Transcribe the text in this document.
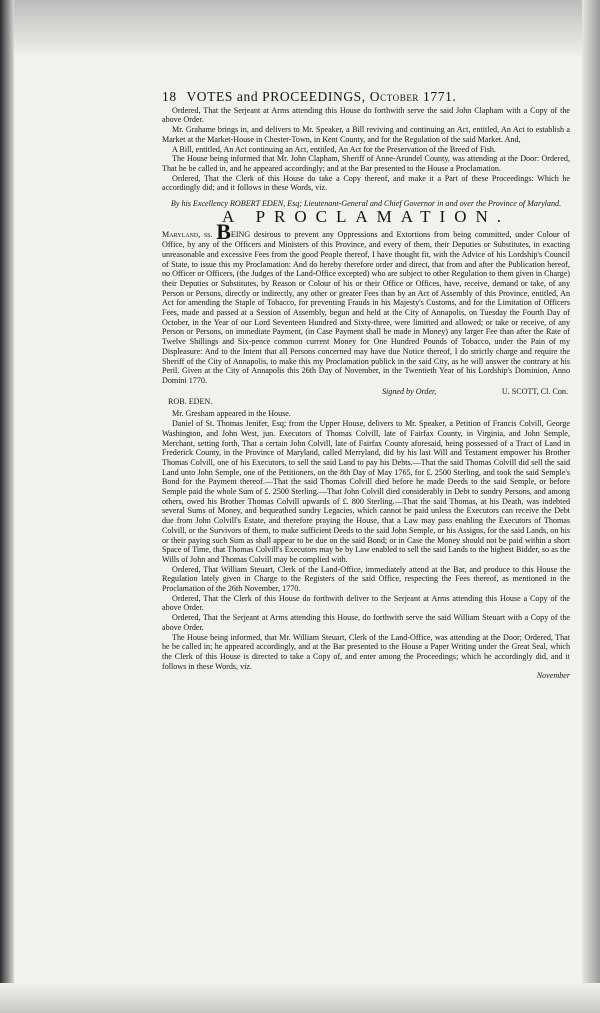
18 VOTES and PROCEEDINGS, October 1771.

Ordered, That the Serjeant at Arms attending this House do forthwith serve the said John Clapham with a Copy of the above Order.

Mr. Grahame brings in, and delivers to Mr. Speaker, a Bill reviving and continuing an Act, entitled, An Act to establish a Market at the Market-House in Chester-Town, in Kent County, and for the Regulation of the said Market. And,

A Bill, entitled, An Act continuing an Act, entitled, An Act for the Preservation of the Breed of Fish.

The House being informed that Mr. John Clapham, Sheriff of Anne-Arundel County, was attending at the Door: Ordered, That he be called in, and he appeared accordingly; and at the Bar presented to the House a Proclamation.

Ordered, That the Clerk of this House do take a Copy thereof, and make it a Part of these Proceedings: Which he accordingly did; and it follows in these Words, viz.

By his Excellency ROBERT EDEN, Esq; Lieutenant-General and Chief Governor in and over the Province of Maryland.
A PROCLAMATION.

Maryland, ss. BEING desirous to prevent any Oppressions and Extortions from being committed, under Colour of Office, by any of the Officers and Ministers of this Province, and every of them, their Deputies or Substitutes, in exacting unreasonable and excessive Fees from the good People thereof, I have thought fit, with the Advice of his Lordship's Council of State, to issue this my Proclamation: And do hereby therefore order and direct, that from and after the Publication hereof, no Officer or Officers, (the Judges of the Land-Office excepted) who are subject to other Regulation to them given in Charge) their Deputies or Substitutes, by Reason or Colour of his or their Office or Offices, have, receive, demand or take, of any Person or Persons, directly or indirectly, any other or greater Fees than by an Act of Assembly of this Province, entitled, An Act for amending the Staple of Tobacco, for preventing Frauds in his Majesty's Customs, and for the Limitation of Officers Fees, made and passed at a Session of Assembly, begun and held at the City of Annapolis, on Tuesday the Fourth Day of October, in the Year of our Lord Seventeen Hundred and Sixty-three, were limitted and allowed; or take or receive, of any Person or Persons, on immediate Payment, (in Case Payment shall be made in Money) any larger Fee than after the Rate of Twelve Shillings and Six-pence common current Money for One Hundred Pounds of Tobacco, under the Pain of my Displeasure: And to the Intent that all Persons concerned may have due Notice thereof, I do strictly charge and require the Sheriff of the City of Annapolis, to make this my Proclamation publick in the said City, as he will answer the contrary at his Peril. Given at the City of Annapolis this 26th Day of November, in the Twentieth Year of his Lordship's Dominion, Anno Domini 1770.

Signed by Order,	U. SCOTT, Cl. Con.
ROB. EDEN.

Mr. Gresham appeared in the House.

Daniel of St. Thomas Jenifer, Esq; from the Upper House, delivers to Mr. Speaker, a Petition of Francis Colvill, George Washington, and John West, jun. Executors of Thomas Colvill, late of Fairfax County, in Virginia, and John Semple, Merchant, setting forth, That a certain John Colvill, late of Fairfax County aforesaid, being possessed of a Tract of Land in Frederick County, in the Province of Maryland, called Merryland, did by his last Will and Testament empower his Brother Thomas Colvill, one of his Executors, to sell the said Land to pay his Debts.—That the said Thomas Colvill did sell the said Land unto John Semple, one of the Petitioners, on the 8th Day of May 1765, for £. 2500 Sterling, and took the said Semple's Bond for the Payment thereof.—That the said Thomas Colvill died before he made Deeds to the said Semple, or before Semple paid the whole Sum of £. 2500 Sterling.—That John Colvill died considerably in Debt to sundry Persons, and among others, owed his Brother Thomas Colvill upwards of £. 800 Sterling.—That the said Thomas, at his Death, was indebted several Sums of Money, and bequeathed sundry Legacies, which cannot be paid unless the Executors can receive the Debt due from John Colvill's Estate, and therefore praying the House, that a Law may pass enabling the Executors of Thomas Colvill, or the Survivors of them, to make sufficient Deeds to the said John Semple, or his Assigns, for the said Lands, on his or their paying such Sum as shall appear to be due on the said Bond; or in Case the Money should not be paid within a short Space of Time, that Thomas Colvill's Executors may be by Law enabled to sell the said Lands to the highest Bidder, so as the Wills of John and Thomas Colvill may be complied with.

Ordered, That William Steuart, Clerk of the Land-Office, immediately attend at the Bar, and produce to this House the Regulation lately given in Charge to the Registers of the said Office, respecting the Fees thereof, as mentioned in the Proclamation of the 26th November, 1770.

Ordered, That the Clerk of this House do forthwith deliver to the Serjeant at Arms attending this House a Copy of the above Order.

Ordered, That the Serjeant at Arms attending this House, do forthwith serve the said William Steuart with a Copy of the above Order.

The House being informed, that Mr. William Steuart, Clerk of the Land-Office, was attending at the Door; Ordered, That he be called in; he appeared accordingly, and at the Bar presented to the House a Paper Writing under the Great Seal, which the Clerk of this House is directed to take a Copy of, and enter among the Proceedings; which he accordingly did, and it follows in these Words, viz.

November
